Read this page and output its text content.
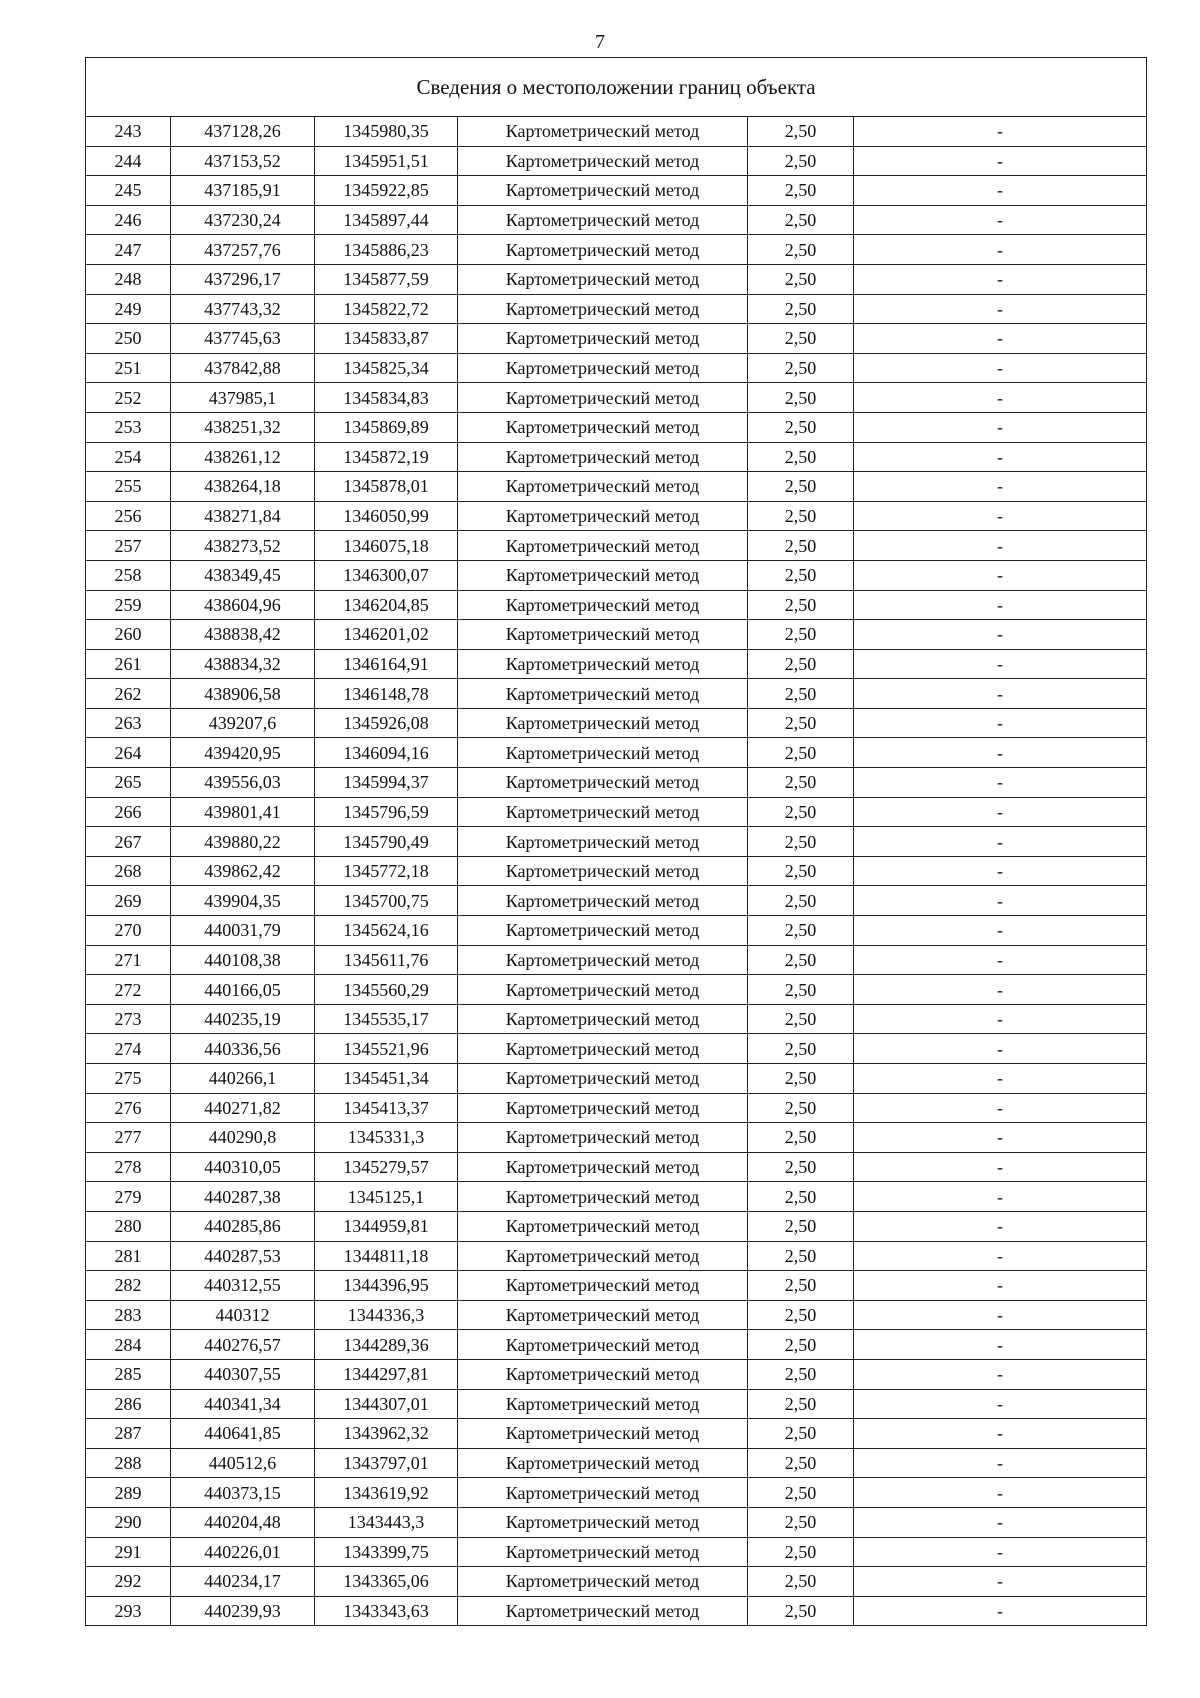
7
Сведения о местоположении границ объекта					
243	437128,26	1345980,35	Картометрический метод	2,50	-
244	437153,52	1345951,51	Картометрический метод	2,50	-
245	437185,91	1345922,85	Картометрический метод	2,50	-
246	437230,24	1345897,44	Картометрический метод	2,50	-
247	437257,76	1345886,23	Картометрический метод	2,50	-
248	437296,17	1345877,59	Картометрический метод	2,50	-
249	437743,32	1345822,72	Картометрический метод	2,50	-
250	437745,63	1345833,87	Картометрический метод	2,50	-
251	437842,88	1345825,34	Картометрический метод	2,50	-
252	437985,1	1345834,83	Картометрический метод	2,50	-
253	438251,32	1345869,89	Картометрический метод	2,50	-
254	438261,12	1345872,19	Картометрический метод	2,50	-
255	438264,18	1345878,01	Картометрический метод	2,50	-
256	438271,84	1346050,99	Картометрический метод	2,50	-
257	438273,52	1346075,18	Картометрический метод	2,50	-
258	438349,45	1346300,07	Картометрический метод	2,50	-
259	438604,96	1346204,85	Картометрический метод	2,50	-
260	438838,42	1346201,02	Картометрический метод	2,50	-
261	438834,32	1346164,91	Картометрический метод	2,50	-
262	438906,58	1346148,78	Картометрический метод	2,50	-
263	439207,6	1345926,08	Картометрический метод	2,50	-
264	439420,95	1346094,16	Картометрический метод	2,50	-
265	439556,03	1345994,37	Картометрический метод	2,50	-
266	439801,41	1345796,59	Картометрический метод	2,50	-
267	439880,22	1345790,49	Картометрический метод	2,50	-
268	439862,42	1345772,18	Картометрический метод	2,50	-
269	439904,35	1345700,75	Картометрический метод	2,50	-
270	440031,79	1345624,16	Картометрический метод	2,50	-
271	440108,38	1345611,76	Картометрический метод	2,50	-
272	440166,05	1345560,29	Картометрический метод	2,50	-
273	440235,19	1345535,17	Картометрический метод	2,50	-
274	440336,56	1345521,96	Картометрический метод	2,50	-
275	440266,1	1345451,34	Картометрический метод	2,50	-
276	440271,82	1345413,37	Картометрический метод	2,50	-
277	440290,8	1345331,3	Картометрический метод	2,50	-
278	440310,05	1345279,57	Картометрический метод	2,50	-
279	440287,38	1345125,1	Картометрический метод	2,50	-
280	440285,86	1344959,81	Картометрический метод	2,50	-
281	440287,53	1344811,18	Картометрический метод	2,50	-
282	440312,55	1344396,95	Картометрический метод	2,50	-
283	440312	1344336,3	Картометрический метод	2,50	-
284	440276,57	1344289,36	Картометрический метод	2,50	-
285	440307,55	1344297,81	Картометрический метод	2,50	-
286	440341,34	1344307,01	Картометрический метод	2,50	-
287	440641,85	1343962,32	Картометрический метод	2,50	-
288	440512,6	1343797,01	Картометрический метод	2,50	-
289	440373,15	1343619,92	Картометрический метод	2,50	-
290	440204,48	1343443,3	Картометрический метод	2,50	-
291	440226,01	1343399,75	Картометрический метод	2,50	-
292	440234,17	1343365,06	Картометрический метод	2,50	-
293	440239,93	1343343,63	Картометрический метод	2,50	-
